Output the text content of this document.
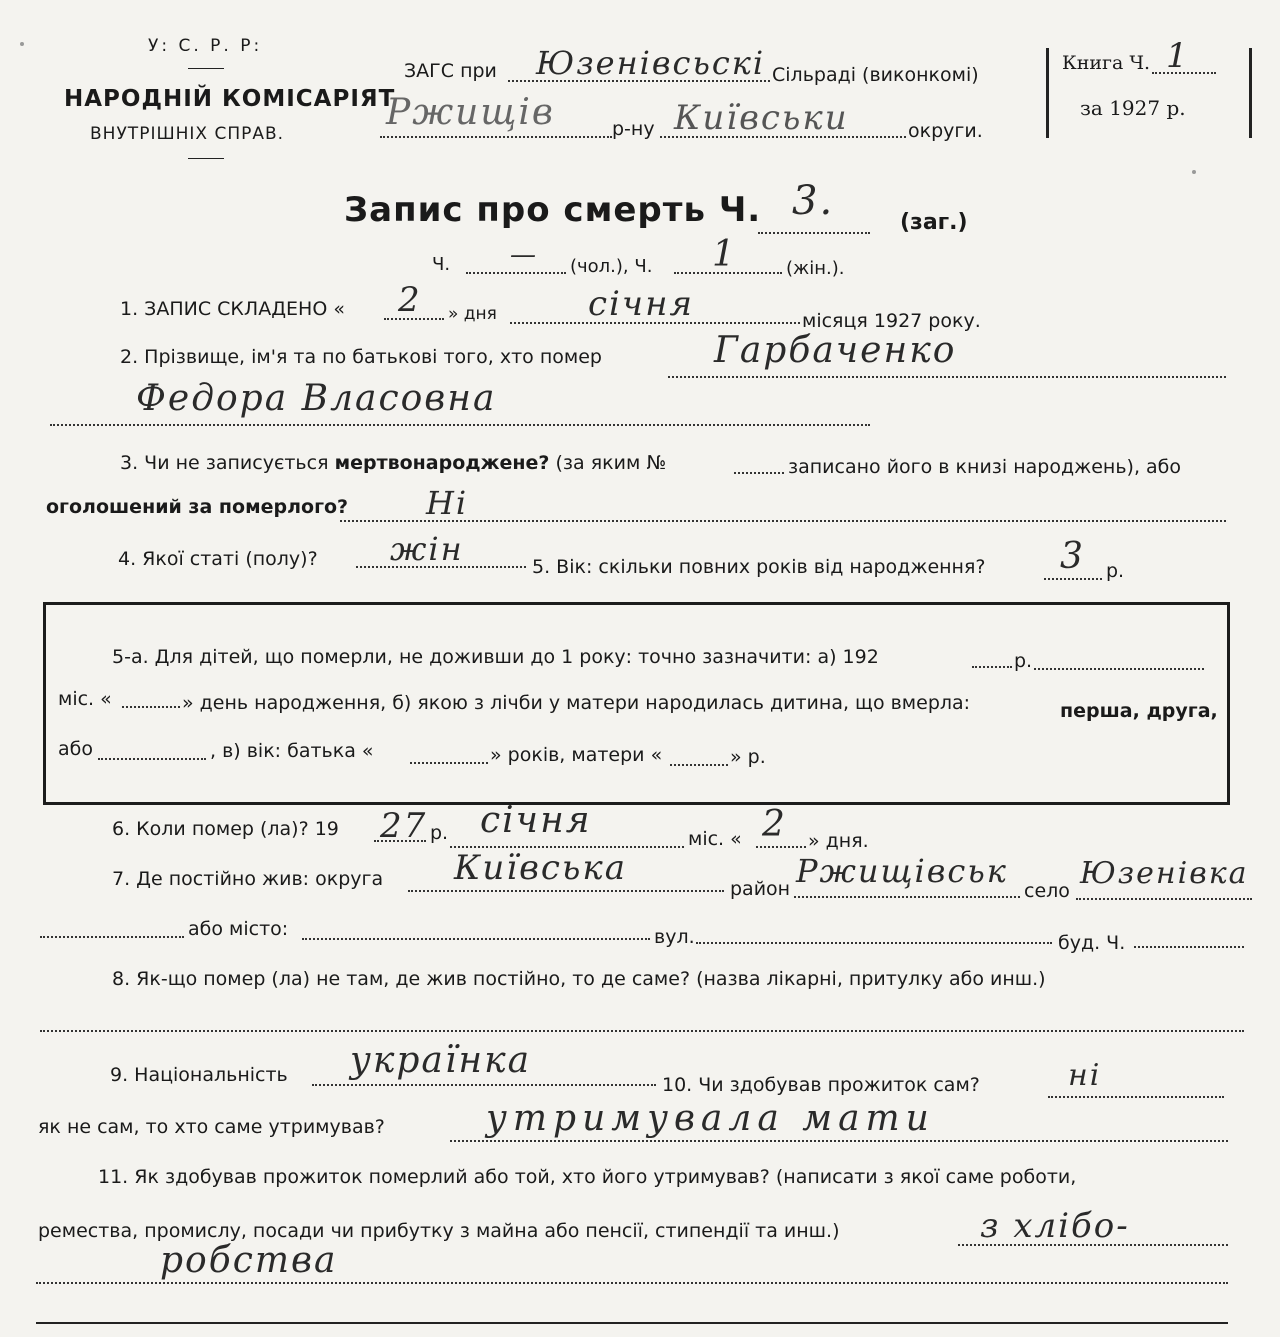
У: С. Р. Р:
НАРОДНІЙ КОМІСАРІЯТ
ВНУТРІШНІХ СПРАВ.
ЗАГС при Юзенівсьскі Сільраді (виконкомі)
Ржищів	р-ну Київськи	округи.
Книга Ч. 1
за 1927 р.
Запис про смерть Ч. 3.	(заг.)
Ч. — (чол.), Ч. 1	(жін.).
1. ЗАПИС СКЛАДЕНО « 2 » дня	січня	місяця 1927 року.
2. Прізвище, ім'я та по батькові того, хто помер	Гарбаченко
Федора Власовна
3. Чи не записується мертвонароджене? (за яким №	записано його в книзі народжень), або
оголошений за померлого? Ні
4. Якої статі (полу)? жін	5. Вік: скільки повних років від народження? 3 р.
5-а. Для дітей, що померли, не доживши до 1 року: точно зазначити: а) 192	р.
міс. «	» день народження, б) якою з лічби у матери народилась дитина, що вмерла:	перша, друга,
або	, в) вік: батька «	» років, матери «	» р.
6. Коли помер (ла)? 19 27 р. січня	міс. « 2 » дня.
7. Де постійно жив: округа Київська
район Ржищівськ
село Юзенівка
або місто:	вул.	буд. Ч.
8. Як-що помер (ла) не там, де жив постійно, то де саме? (назва лікарні, притулку або инш.)
9. Національність українка
10. Чи здобував прожиток сам?	ні
як не сам, то хто саме утримував?	утримувала мати
11. Як здобував прожиток померлий або той, хто його утримував? (написати з якої саме роботи,
ремества, промислу, посади чи прибутку з майна або пенсії, стипендії та инш.)	з хлібо-
робства
